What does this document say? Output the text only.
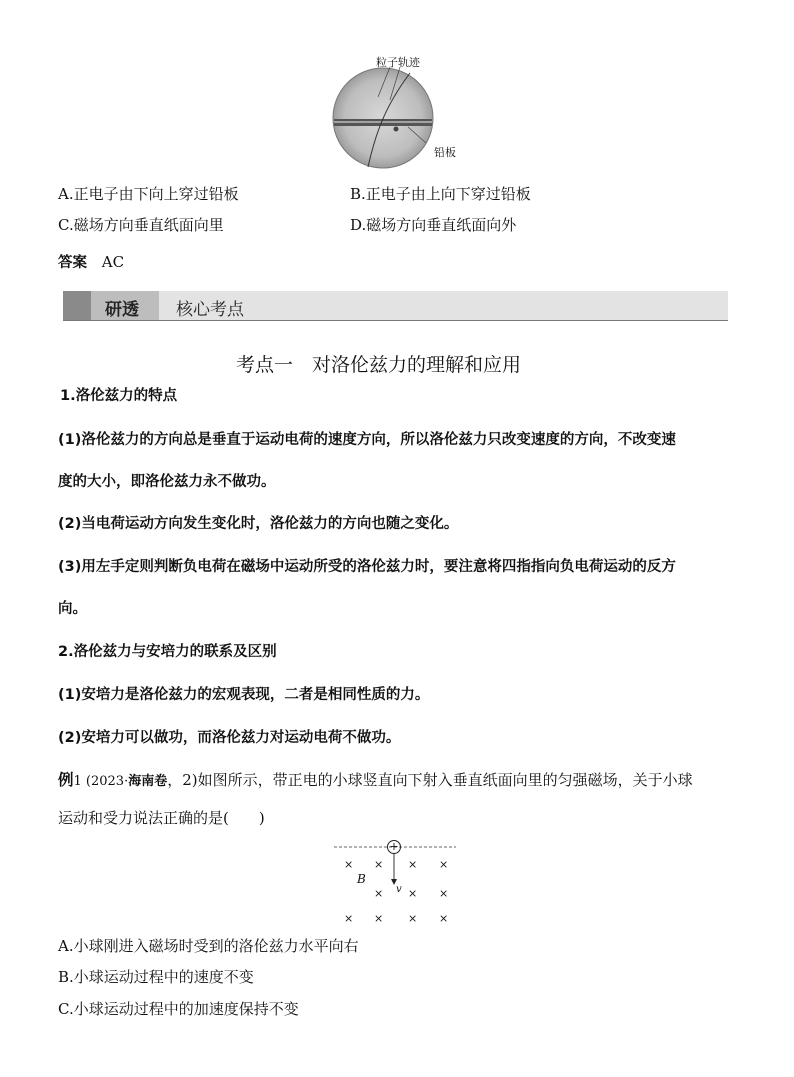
粒子轨迹
铅板
A.正电子由下向上穿过铅板	B.正电子由上向下穿过铅板
C.磁场方向垂直纸面向里	D.磁场方向垂直纸面向外
答案 AC
研透 核心考点
考点一　对洛伦兹力的理解和应用
1.洛伦兹力的特点
(1)洛伦兹力的方向总是垂直于运动电荷的速度方向，所以洛伦兹力只改变速度的方向，不改变速
度的大小，即洛伦兹力永不做功。
(2)当电荷运动方向发生变化时，洛伦兹力的方向也随之变化。
(3)用左手定则判断负电荷在磁场中运动所受的洛伦兹力时，要注意将四指指向负电荷运动的反方
向。
2.洛伦兹力与安培力的联系及区别
(1)安培力是洛伦兹力的宏观表现，二者是相同性质的力。
(2)安培力可以做功，而洛伦兹力对运动电荷不做功。
例1 (2023·海南卷，2)如图所示，带正电的小球竖直向下射入垂直纸面向里的匀强磁场，关于小球
运动和受力说法正确的是(　　)
+
B
v
× × × ×
× × ×
× × × ×
A.小球刚进入磁场时受到的洛伦兹力水平向右
B.小球运动过程中的速度不变
C.小球运动过程中的加速度保持不变
